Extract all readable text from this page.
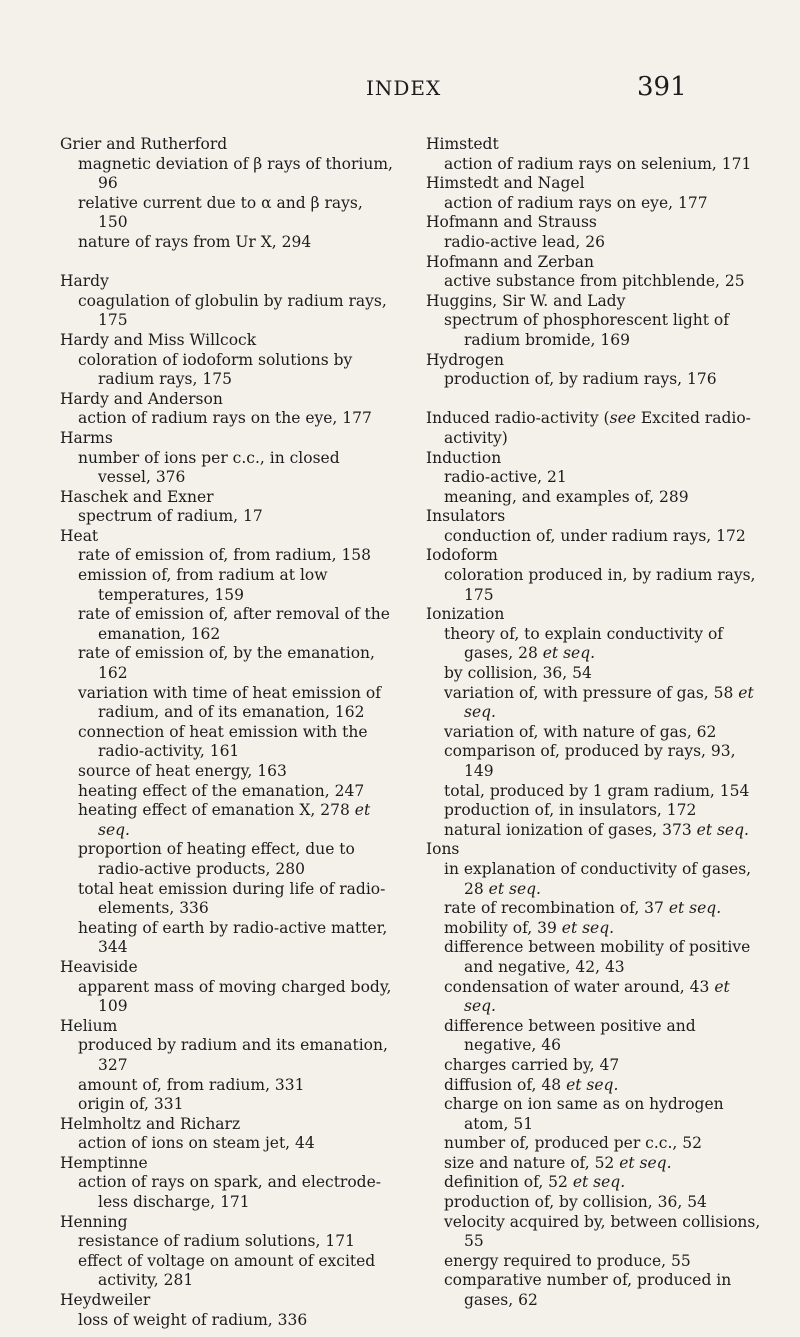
INDEX	391
Grier and Rutherford
magnetic deviation of β rays of thorium, 96
relative current due to α and β rays, 150
nature of rays from Ur X, 294
Hardy
coagulation of globulin by radium rays, 175
Hardy and Miss Willcock
coloration of iodoform solutions by radium rays, 175
Hardy and Anderson
action of radium rays on the eye, 177
Harms
number of ions per c.c., in closed vessel, 376
Haschek and Exner
spectrum of radium, 17
Heat
rate of emission of, from radium, 158
emission of, from radium at low temperatures, 159
rate of emission of, after removal of the emanation, 162
rate of emission of, by the emanation, 162
variation with time of heat emission of radium, and of its emanation, 162
connection of heat emission with the radio-activity, 161
source of heat energy, 163
heating effect of the emanation, 247
heating effect of emanation X, 278 et seq.
proportion of heating effect, due to radio-active products, 280
total heat emission during life of radio-elements, 336
heating of earth by radio-active matter, 344
Heaviside
apparent mass of moving charged body, 109
Helium
produced by radium and its emanation, 327
amount of, from radium, 331
origin of, 331
Helmholtz and Richarz
action of ions on steam jet, 44
Hemptinne
action of rays on spark, and electrode-less discharge, 171
Henning
resistance of radium solutions, 171
effect of voltage on amount of excited activity, 281
Heydweiler
loss of weight of radium, 336
Himstedt
action of radium rays on selenium, 171
Himstedt and Nagel
action of radium rays on eye, 177
Hofmann and Strauss
radio-active lead, 26
Hofmann and Zerban
active substance from pitchblende, 25
Huggins, Sir W. and Lady
spectrum of phosphorescent light of radium bromide, 169
Hydrogen
production of, by radium rays, 176
Induced radio-activity (see Excited radio-activity)
Induction
radio-active, 21
meaning, and examples of, 289
Insulators
conduction of, under radium rays, 172
Iodoform
coloration produced in, by radium rays, 175
Ionization
theory of, to explain conductivity of gases, 28 et seq.
by collision, 36, 54
variation of, with pressure of gas, 58 et seq.
variation of, with nature of gas, 62
comparison of, produced by rays, 93, 149
total, produced by 1 gram radium, 154
production of, in insulators, 172
natural ionization of gases, 373 et seq.
Ions
in explanation of conductivity of gases, 28 et seq.
rate of recombination of, 37 et seq.
mobility of, 39 et seq.
difference between mobility of positive and negative, 42, 43
condensation of water around, 43 et seq.
difference between positive and negative, 46
charges carried by, 47
diffusion of, 48 et seq.
charge on ion same as on hydrogen atom, 51
number of, produced per c.c., 52
size and nature of, 52 et seq.
definition of, 52 et seq.
production of, by collision, 36, 54
velocity acquired by, between collisions, 55
energy required to produce, 55
comparative number of, produced in gases, 62
